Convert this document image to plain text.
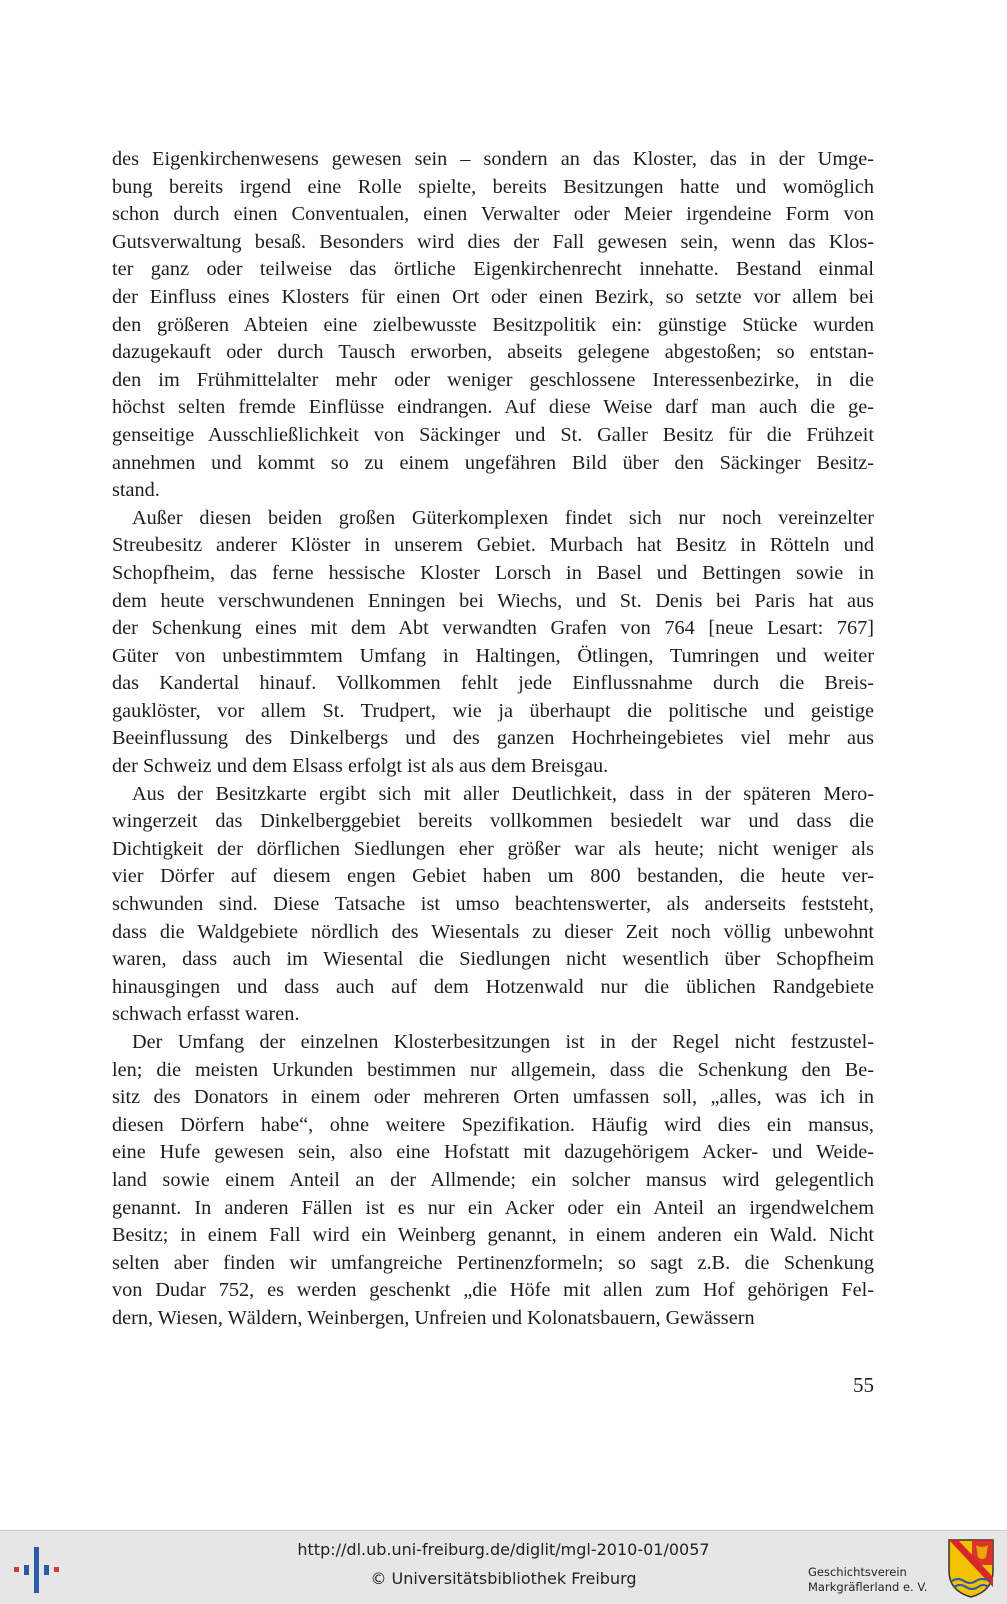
des Eigenkirchenwesens gewesen sein – sondern an das Kloster, das in der Umge-
bung bereits irgend eine Rolle spielte, bereits Besitzungen hatte und womöglich
schon durch einen Conventualen, einen Verwalter oder Meier irgendeine Form von
Gutsverwaltung besaß. Besonders wird dies der Fall gewesen sein, wenn das Klos-
ter ganz oder teilweise das örtliche Eigenkirchenrecht innehatte. Bestand einmal
der Einfluss eines Klosters für einen Ort oder einen Bezirk, so setzte vor allem bei
den größeren Abteien eine zielbewusste Besitzpolitik ein: günstige Stücke wurden
dazugekauft oder durch Tausch erworben, abseits gelegene abgestoßen; so entstan-
den im Frühmittelalter mehr oder weniger geschlossene Interessenbezirke, in die
höchst selten fremde Einflüsse eindrangen. Auf diese Weise darf man auch die ge-
genseitige Ausschließlichkeit von Säckinger und St. Galler Besitz für die Frühzeit
annehmen und kommt so zu einem ungefähren Bild über den Säckinger Besitz-
stand.
Außer diesen beiden großen Güterkomplexen findet sich nur noch vereinzelter
Streubesitz anderer Klöster in unserem Gebiet. Murbach hat Besitz in Rötteln und
Schopfheim, das ferne hessische Kloster Lorsch in Basel und Bettingen sowie in
dem heute verschwundenen Enningen bei Wiechs, und St. Denis bei Paris hat aus
der Schenkung eines mit dem Abt verwandten Grafen von 764 [neue Lesart: 767]
Güter von unbestimmtem Umfang in Haltingen, Ötlingen, Tumringen und weiter
das Kandertal hinauf. Vollkommen fehlt jede Einflussnahme durch die Breis-
gauklöster, vor allem St. Trudpert, wie ja überhaupt die politische und geistige
Beeinflussung des Dinkelbergs und des ganzen Hochrheingebietes viel mehr aus
der Schweiz und dem Elsass erfolgt ist als aus dem Breisgau.
Aus der Besitzkarte ergibt sich mit aller Deutlichkeit, dass in der späteren Mero-
wingerzeit das Dinkelberggebiet bereits vollkommen besiedelt war und dass die
Dichtigkeit der dörflichen Siedlungen eher größer war als heute; nicht weniger als
vier Dörfer auf diesem engen Gebiet haben um 800 bestanden, die heute ver-
schwunden sind. Diese Tatsache ist umso beachtenswerter, als anderseits feststeht,
dass die Waldgebiete nördlich des Wiesentals zu dieser Zeit noch völlig unbewohnt
waren, dass auch im Wiesental die Siedlungen nicht wesentlich über Schopfheim
hinausgingen und dass auch auf dem Hotzenwald nur die üblichen Randgebiete
schwach erfasst waren.
Der Umfang der einzelnen Klosterbesitzungen ist in der Regel nicht festzustel-
len; die meisten Urkunden bestimmen nur allgemein, dass die Schenkung den Be-
sitz des Donators in einem oder mehreren Orten umfassen soll, „alles, was ich in
diesen Dörfern habe“, ohne weitere Spezifikation. Häufig wird dies ein mansus,
eine Hufe gewesen sein, also eine Hofstatt mit dazugehörigem Acker- und Weide-
land sowie einem Anteil an der Allmende; ein solcher mansus wird gelegentlich
genannt. In anderen Fällen ist es nur ein Acker oder ein Anteil an irgendwelchem
Besitz; in einem Fall wird ein Weinberg genannt, in einem anderen ein Wald. Nicht
selten aber finden wir umfangreiche Pertinenzformeln; so sagt z.B. die Schenkung
von Dudar 752, es werden geschenkt „die Höfe mit allen zum Hof gehörigen Fel-
dern, Wiesen, Wäldern, Weinbergen, Unfreien und Kolonatsbauern, Gewässern
55
http://dl.ub.uni-freiburg.de/diglit/mgl-2010-01/0057
© Universitätsbibliothek Freiburg	Geschichtsverein
Markgräflerland e. V.
